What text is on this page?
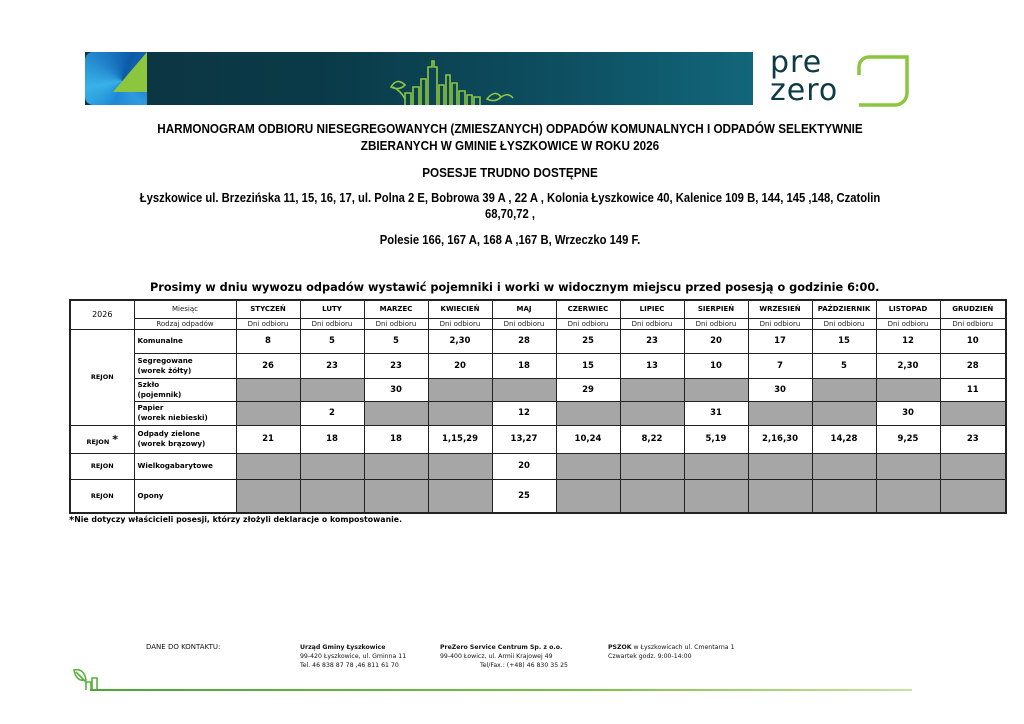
pre
zero
HARMONOGRAM ODBIORU NIESEGREGOWANYCH (ZMIESZANYCH) ODPADÓW KOMUNALNYCH I ODPADÓW SELEKTYWNIE
ZBIERANYCH W GMINIE ŁYSZKOWICE W ROKU 2026
POSESJE TRUDNO DOSTĘPNE
Łyszkowice ul. Brzezińska 11, 15, 16, 17, ul. Polna 2 E, Bobrowa 39 A , 22 A , Kolonia Łyszkowice 40, Kalenice 109 B, 144, 145 ,148, Czatolin
68,70,72 ,
Polesie 166, 167 A, 168 A ,167 B, Wrzeczko 149 F.
Prosimy w dniu wywozu odpadów wystawić pojemniki i worki w widocznym miejscu przed posesją o godzinie 6:00.
2026	Miesiąc	STYCZEŃ	LUTY	MARZEC	KWIECIEŃ	MAJ	CZERWIEC	LIPIEC	SIERPIEŃ	WRZESIEŃ	PAŹDZIERNIK	LISTOPAD	GRUDZIEŃ
	Rodzaj odpadów	Dni odbioru	Dni odbioru	Dni odbioru	Dni odbioru	Dni odbioru	Dni odbioru	Dni odbioru	Dni odbioru	Dni odbioru	Dni odbioru	Dni odbioru	Dni odbioru
REJON	Komunalne	8	5	5	2,30	28	25	23	20	17	15	12	10

	Segregowane
(worek żółty)	26	23	23	20	18	15	13	10	7	5	2,30	28

	Szkło
(pojemnik)			30			29			30			11

	Papier
(worek niebieski)		2			12			31			30	
REJON *	Odpady zielone
(worek brązowy)	21	18	18	1,15,29	13,27	10,24	8,22	5,19	2,16,30	14,28	9,25	23
REJON	Wielkogabarytowe					20							
REJON	Opony					25							
*Nie dotyczy właścicieli posesji, którzy złożyli deklaracje o kompostowanie.
DANE DO KONTAKTU:	Urząd Gminy Łyszkowice
99-420 Łyszkowice, ul. Gminna 11
Tel. 46 838 87 78 ,46 811 61 70
PreZero Service Centrum Sp. z o.o.
99-400 Łowicz, ul. Armii Krajowej 49
Tel/Fax.: (+48) 46 830 35 25
PSZOK w Łyszkowicach ul. Cmentarna 1
Czwartek godz. 9:00-14:00
